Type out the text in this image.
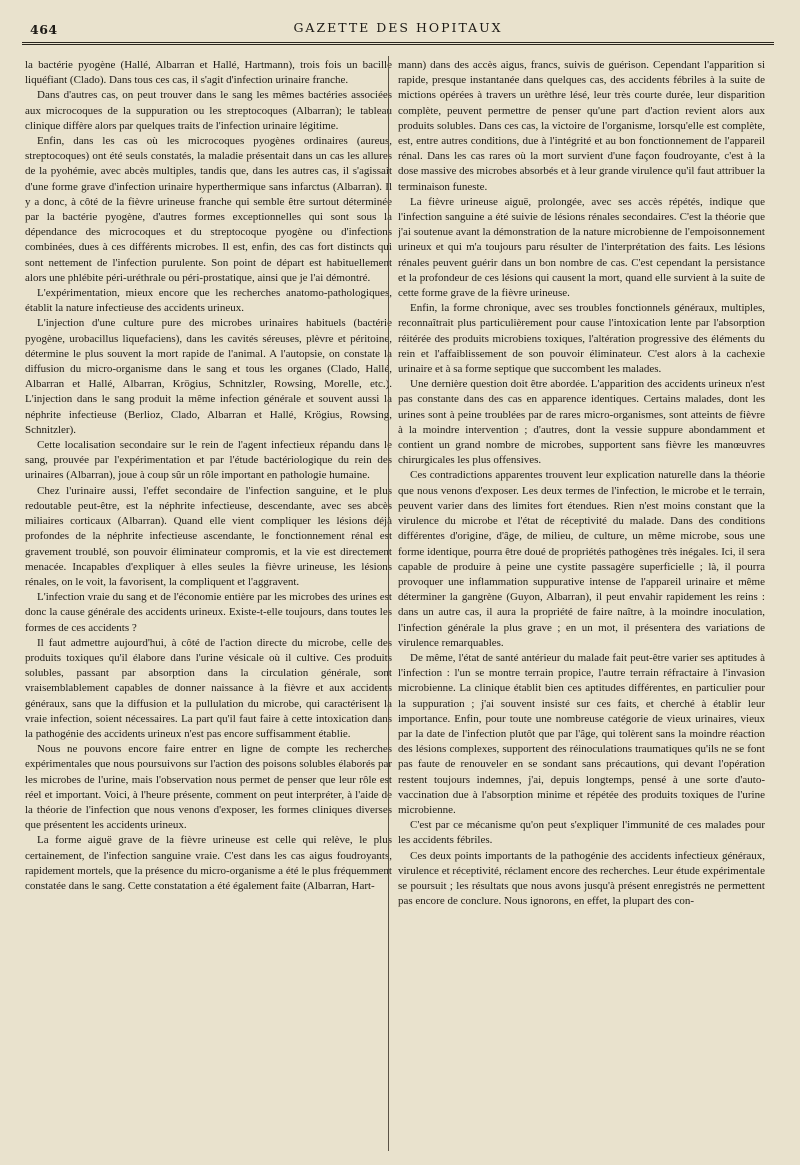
464	GAZETTE DES HOPITAUX

la bactérie pyogène (Hallé, Albarran et Hallé, Hartmann), trois fois un bacille liquéfiant (Clado). Dans tous ces cas, il s'agit d'infection urinaire franche.

Dans d'autres cas, on peut trouver dans le sang les mêmes bactéries associées aux microcoques de la suppuration ou les streptocoques (Albarran); le tableau clinique diffère alors par quelques traits de l'infection urinaire légitime.

Enfin, dans les cas où les microcoques pyogènes ordinaires (aureus, streptocoques) ont été seuls constatés, la maladie présentait dans un cas les allures de la pyohémie, avec abcès multiples, tandis que, dans les autres cas, il s'agissait d'une forme grave d'infection urinaire hyperthermique sans infarctus (Albarran). Il y a donc, à côté de la fièvre urineuse franche qui semble être surtout déterminée par la bactérie pyogène, d'autres formes exceptionnelles qui sont sous la dépendance des microcoques et du streptocoque pyogène ou d'infections combinées, dues à ces différents microbes. Il est, enfin, des cas fort distincts qui sont nettement de l'infection purulente. Son point de départ est habituellement alors une phlébite péri-uréthrale ou péri-prostatique, ainsi que je l'ai démontré.

L'expérimentation, mieux encore que les recherches anatomo-pathologiques, établit la nature infectieuse des accidents urineux.

L'injection d'une culture pure des microbes urinaires habituels (bactérie pyogène, urobacillus liquefaciens), dans les cavités séreuses, plèvre et péritoine, détermine le plus souvent la mort rapide de l'animal. A l'autopsie, on constate la diffusion du micro-organisme dans le sang et tous les organes (Clado, Hallé, Albarran et Hallé, Albarran, Krögius, Schnitzler, Rowsing, Morelle, etc.). L'injection dans le sang produit la même infection générale et souvent aussi la néphrite infectieuse (Berlioz, Clado, Albarran et Hallé, Krögius, Rowsing, Schnitzler).

Cette localisation secondaire sur le rein de l'agent infectieux répandu dans le sang, prouvée par l'expérimentation et par l'étude bactériologique du rein des urinaires (Albarran), joue à coup sûr un rôle important en pathologie humaine.

Chez l'urinaire aussi, l'effet secondaire de l'infection sanguine, et le plus redoutable peut-être, est la néphrite infectieuse, descendante, avec ses abcès miliaires corticaux (Albarran). Quand elle vient compliquer les lésions déjà profondes de la néphrite infectieuse ascendante, le fonctionnement rénal est gravement troublé, son pouvoir éliminateur compromis, et la vie est directement menacée. Incapables d'expliquer à elles seules la fièvre urineuse, les lésions rénales, on le voit, la favorisent, la compliquent et l'aggravent.

L'infection vraie du sang et de l'économie entière par les microbes des urines est donc la cause générale des accidents urineux. Existe-t-elle toujours, dans toutes les formes de ces accidents ?

Il faut admettre aujourd'hui, à côté de l'action directe du microbe, celle des produits toxiques qu'il élabore dans l'urine vésicale où il cultive. Ces produits solubles, passant par absorption dans la circulation générale, sont vraisemblablement capables de donner naissance à la fièvre et aux accidents généraux, sans que la diffusion et la pullulation du microbe, qui caractérisent la vraie infection, soient nécessaires. La part qu'il faut faire à cette intoxication dans la pathogénie des accidents urineux n'est pas encore suffisamment établie.

Nous ne pouvons encore faire entrer en ligne de compte les recherches expérimentales que nous poursuivons sur l'action des poisons solubles élaborés par les microbes de l'urine, mais l'observation nous permet de penser que leur rôle est réel et important. Voici, à l'heure présente, comment on peut interpréter, à l'aide de la théorie de l'infection que nous venons d'exposer, les formes cliniques diverses que présentent les accidents urineux.

La forme aiguë grave de la fièvre urineuse est celle qui relève, le plus certainement, de l'infection sanguine vraie. C'est dans les cas aigus foudroyants, rapidement mortels, que la présence du micro-organisme a été le plus fréquemment constatée dans le sang. Cette constatation a été également faite (Albarran, Hart-

mann) dans des accès aigus, francs, suivis de guérison. Cependant l'apparition si rapide, presque instantanée dans quelques cas, des accidents fébriles à la suite de mictions opérées à travers un urèthre lésé, leur très courte durée, leur disparition complète, peuvent permettre de penser qu'une part d'action revient alors aux produits solubles. Dans ces cas, la victoire de l'organisme, lorsqu'elle est complète, est, entre autres conditions, due à l'intégrité et au bon fonctionnement de l'appareil rénal. Dans les cas rares où la mort survient d'une façon foudroyante, c'est à la dose massive des microbes absorbés et à leur grande virulence qu'il faut attribuer la terminaison funeste.

La fièvre urineuse aiguë, prolongée, avec ses accès répétés, indique que l'infection sanguine a été suivie de lésions rénales secondaires. C'est la théorie que j'ai soutenue avant la démonstration de la nature microbienne de l'empoisonnement urineux et qui m'a toujours paru résulter de l'interprétation des faits. Les lésions rénales peuvent guérir dans un bon nombre de cas. C'est cependant la persistance et la profondeur de ces lésions qui causent la mort, quand elle survient à la suite de cette forme grave de la fièvre urineuse.

Enfin, la forme chronique, avec ses troubles fonctionnels généraux, multiples, reconnaîtrait plus particulièrement pour cause l'intoxication lente par l'absorption réitérée des produits microbiens toxiques, l'altération progressive des éléments du rein et l'affaiblissement de son pouvoir éliminateur. C'est alors à la cachexie urinaire et à sa forme septique que succombent les malades.

Une dernière question doit être abordée. L'apparition des accidents urineux n'est pas constante dans des cas en apparence identiques. Certains malades, dont les urines sont à peine troublées par de rares micro-organismes, sont atteints de fièvre à la moindre intervention ; d'autres, dont la vessie suppure abondamment et contient un grand nombre de microbes, supportent sans fièvre les manœuvres chirurgicales les plus offensives.

Ces contradictions apparentes trouvent leur explication naturelle dans la théorie que nous venons d'exposer. Les deux termes de l'infection, le microbe et le terrain, peuvent varier dans des limites fort étendues. Rien n'est moins constant que la virulence du microbe et l'état de réceptivité du malade. Dans des conditions différentes d'origine, d'âge, de milieu, de culture, un même microbe, sous une forme identique, pourra être doué de propriétés pathogènes très inégales. Ici, il sera capable de produire à peine une cystite passagère superficielle ; là, il pourra provoquer une inflammation suppurative intense de l'appareil urinaire et même déterminer la gangrène (Guyon, Albarran), il peut envahir rapidement les reins : dans un autre cas, il aura la propriété de faire naître, à la moindre inoculation, l'infection générale la plus grave ; en un mot, il présentera des variations de virulence remarquables.

De même, l'état de santé antérieur du malade fait peut-être varier ses aptitudes à l'infection : l'un se montre terrain propice, l'autre terrain réfractaire à l'invasion microbienne. La clinique établit bien ces aptitudes différentes, en particulier pour la suppuration ; j'ai souvent insisté sur ces faits, et cherché à établir leur importance. Enfin, pour toute une nombreuse catégorie de vieux urinaires, vieux par la date de l'infection plutôt que par l'âge, qui tolèrent sans la moindre réaction des lésions complexes, supportent des réinoculations traumatiques qu'ils ne se font pas faute de renouveler en se sondant sans précautions, qui devant l'opération restent toujours indemnes, j'ai, depuis longtemps, pensé à une sorte d'auto-vaccination due à l'absorption minime et répétée des produits toxiques de l'urine microbienne.

C'est par ce mécanisme qu'on peut s'expliquer l'immunité de ces malades pour les accidents fébriles.

Ces deux points importants de la pathogénie des accidents infectieux généraux, virulence et réceptivité, réclament encore des recherches. Leur étude expérimentale se poursuit ; les résultats que nous avons jusqu'à présent enregistrés ne permettent pas encore de conclure. Nous ignorons, en effet, la plupart des con-
